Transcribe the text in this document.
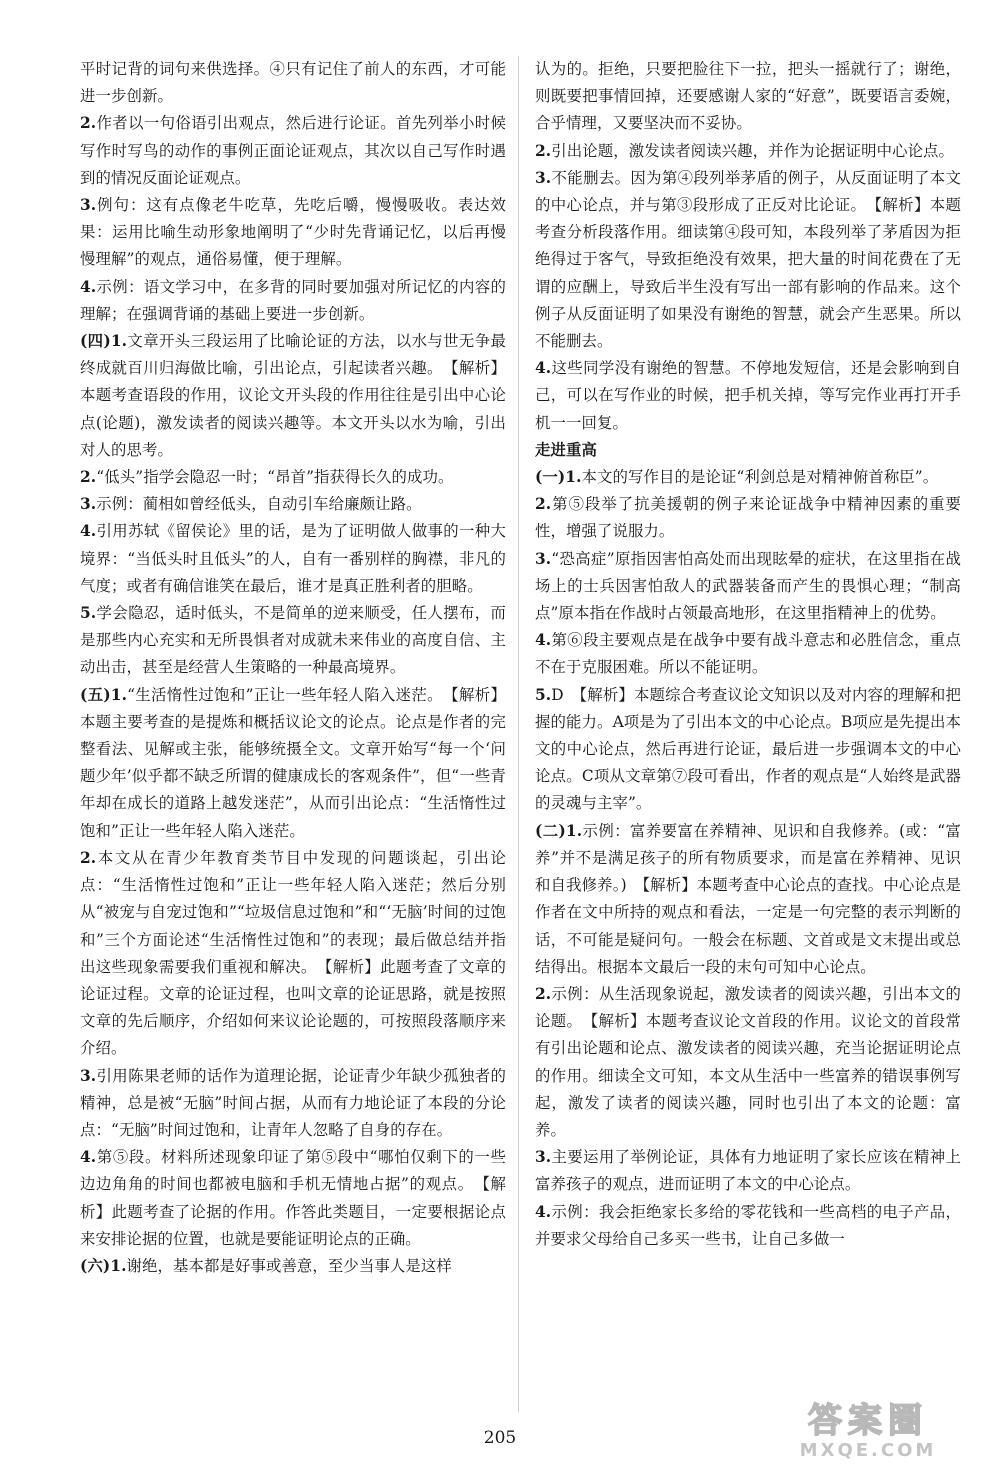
平时记背的词句来供选择。④只有记住了前人的东西，才可能进一步创新。

2.作者以一句俗语引出观点，然后进行论证。首先列举小时候写作时写鸟的动作的事例正面论证观点，其次以自己写作时遇到的情况反面论证观点。

3.例句：这有点像老牛吃草，先吃后嚼，慢慢吸收。表达效果：运用比喻生动形象地阐明了“少时先背诵记忆，以后再慢慢理解”的观点，通俗易懂，便于理解。

4.示例：语文学习中，在多背的同时要加强对所记忆的内容的理解；在强调背诵的基础上要进一步创新。

(四)1.文章开头三段运用了比喻论证的方法，以水与世无争最终成就百川归海做比喻，引出论点，引起读者兴趣。　【解析】本题考查语段的作用，议论文开头段的作用往往是引出中心论点(论题)，激发读者的阅读兴趣等。本文开头以水为喻，引出对人的思考。

2.“低头”指学会隐忍一时；“昂首”指获得长久的成功。

3.示例：蔺相如曾经低头，自动引车给廉颇让路。

4.引用苏轼《留侯论》里的话，是为了证明做人做事的一种大境界：“当低头时且低头”的人，自有一番别样的胸襟，非凡的气度；或者有确信谁笑在最后，谁才是真正胜利者的胆略。

5.学会隐忍，适时低头，不是简单的逆来顺受，任人摆布，而是那些内心充实和无所畏惧者对成就未来伟业的高度自信、主动出击，甚至是经营人生策略的一种最高境界。

(五)1.“生活惰性过饱和”正让一些年轻人陷入迷茫。　【解析】本题主要考查的是提炼和概括议论文的论点。论点是作者的完整看法、见解或主张，能够统摄全文。文章开始写“每一个‘问题少年’似乎都不缺乏所谓的健康成长的客观条件”，但“一些青年却在成长的道路上越发迷茫”，从而引出论点：“生活惰性过饱和”正让一些年轻人陷入迷茫。

2.本文从在青少年教育类节目中发现的问题谈起，引出论点：“生活惰性过饱和”正让一些年轻人陷入迷茫；然后分别从“被宠与自宠过饱和”“垃圾信息过饱和”和“‘无脑’时间的过饱和”三个方面论述“生活惰性过饱和”的表现；最后做总结并指出这些现象需要我们重视和解决。　【解析】此题考查了文章的论证过程。文章的论证过程，也叫文章的论证思路，就是按照文章的先后顺序，介绍如何来议论论题的，可按照段落顺序来介绍。

3.引用陈果老师的话作为道理论据，论证青少年缺少孤独者的精神，总是被“无脑”时间占据，从而有力地论证了本段的分论点：“无脑”时间过饱和，让青年人忽略了自身的存在。

4.第⑤段。材料所述现象印证了第⑤段中“哪怕仅剩下的一些边边角角的时间也都被电脑和手机无情地占据”的观点。　【解析】此题考查了论据的作用。作答此类题目，一定要根据论点来安排论据的位置，也就是要能证明论点的正确。

(六)1.谢绝，基本都是好事或善意，至少当事人是这样

认为的。拒绝，只要把脸往下一拉，把头一摇就行了；谢绝，则既要把事情回掉，还要感谢人家的“好意”，既要语言委婉，合乎情理，又要坚决而不妥协。

2.引出论题，激发读者阅读兴趣，并作为论据证明中心论点。

3.不能删去。因为第④段列举茅盾的例子，从反面证明了本文的中心论点，并与第③段形成了正反对比论证。　【解析】本题考查分析段落作用。细读第④段可知，本段列举了茅盾因为拒绝得过于客气，导致拒绝没有效果，把大量的时间花费在了无谓的应酬上，导致后半生没有写出一部有影响的作品来。这个例子从反面证明了如果没有谢绝的智慧，就会产生恶果。所以不能删去。

4.这些同学没有谢绝的智慧。不停地发短信，还是会影响到自己，可以在写作业的时候，把手机关掉，等写完作业再打开手机一一回复。

走进重高

(一)1.本文的写作目的是论证“利剑总是对精神俯首称臣”。

2.第⑤段举了抗美援朝的例子来论证战争中精神因素的重要性，增强了说服力。

3.“恐高症”原指因害怕高处而出现眩晕的症状，在这里指在战场上的士兵因害怕敌人的武器装备而产生的畏惧心理；“制高点”原本指在作战时占领最高地形，在这里指精神上的优势。

4.第⑥段主要观点是在战争中要有战斗意志和必胜信念，重点不在于克服困难。所以不能证明。

5.D　【解析】本题综合考查议论文知识以及对内容的理解和把握的能力。A项是为了引出本文的中心论点。B项应是先提出本文的中心论点，然后再进行论证，最后进一步强调本文的中心论点。C项从文章第⑦段可看出，作者的观点是“人始终是武器的灵魂与主宰”。

(二)1.示例：富养要富在养精神、见识和自我修养。(或：“富养”并不是满足孩子的所有物质要求，而是富在养精神、见识和自我修养。)　【解析】本题考查中心论点的查找。中心论点是作者在文中所持的观点和看法，一定是一句完整的表示判断的话，不可能是疑问句。一般会在标题、文首或是文末提出或总结得出。根据本文最后一段的末句可知中心论点。

2.示例：从生活现象说起，激发读者的阅读兴趣，引出本文的论题。　【解析】本题考查议论文首段的作用。议论文的首段常有引出论题和论点、激发读者的阅读兴趣，充当论据证明论点的作用。细读全文可知，本文从生活中一些富养的错误事例写起，激发了读者的阅读兴趣，同时也引出了本文的论题：富养。

3.主要运用了举例论证，具体有力地证明了家长应该在精神上富养孩子的观点，进而证明了本文的中心论点。

4.示例：我会拒绝家长多给的零花钱和一些高档的电子产品，并要求父母给自己多买一些书，让自己多做一

205	答案圈
MXQE.COM
